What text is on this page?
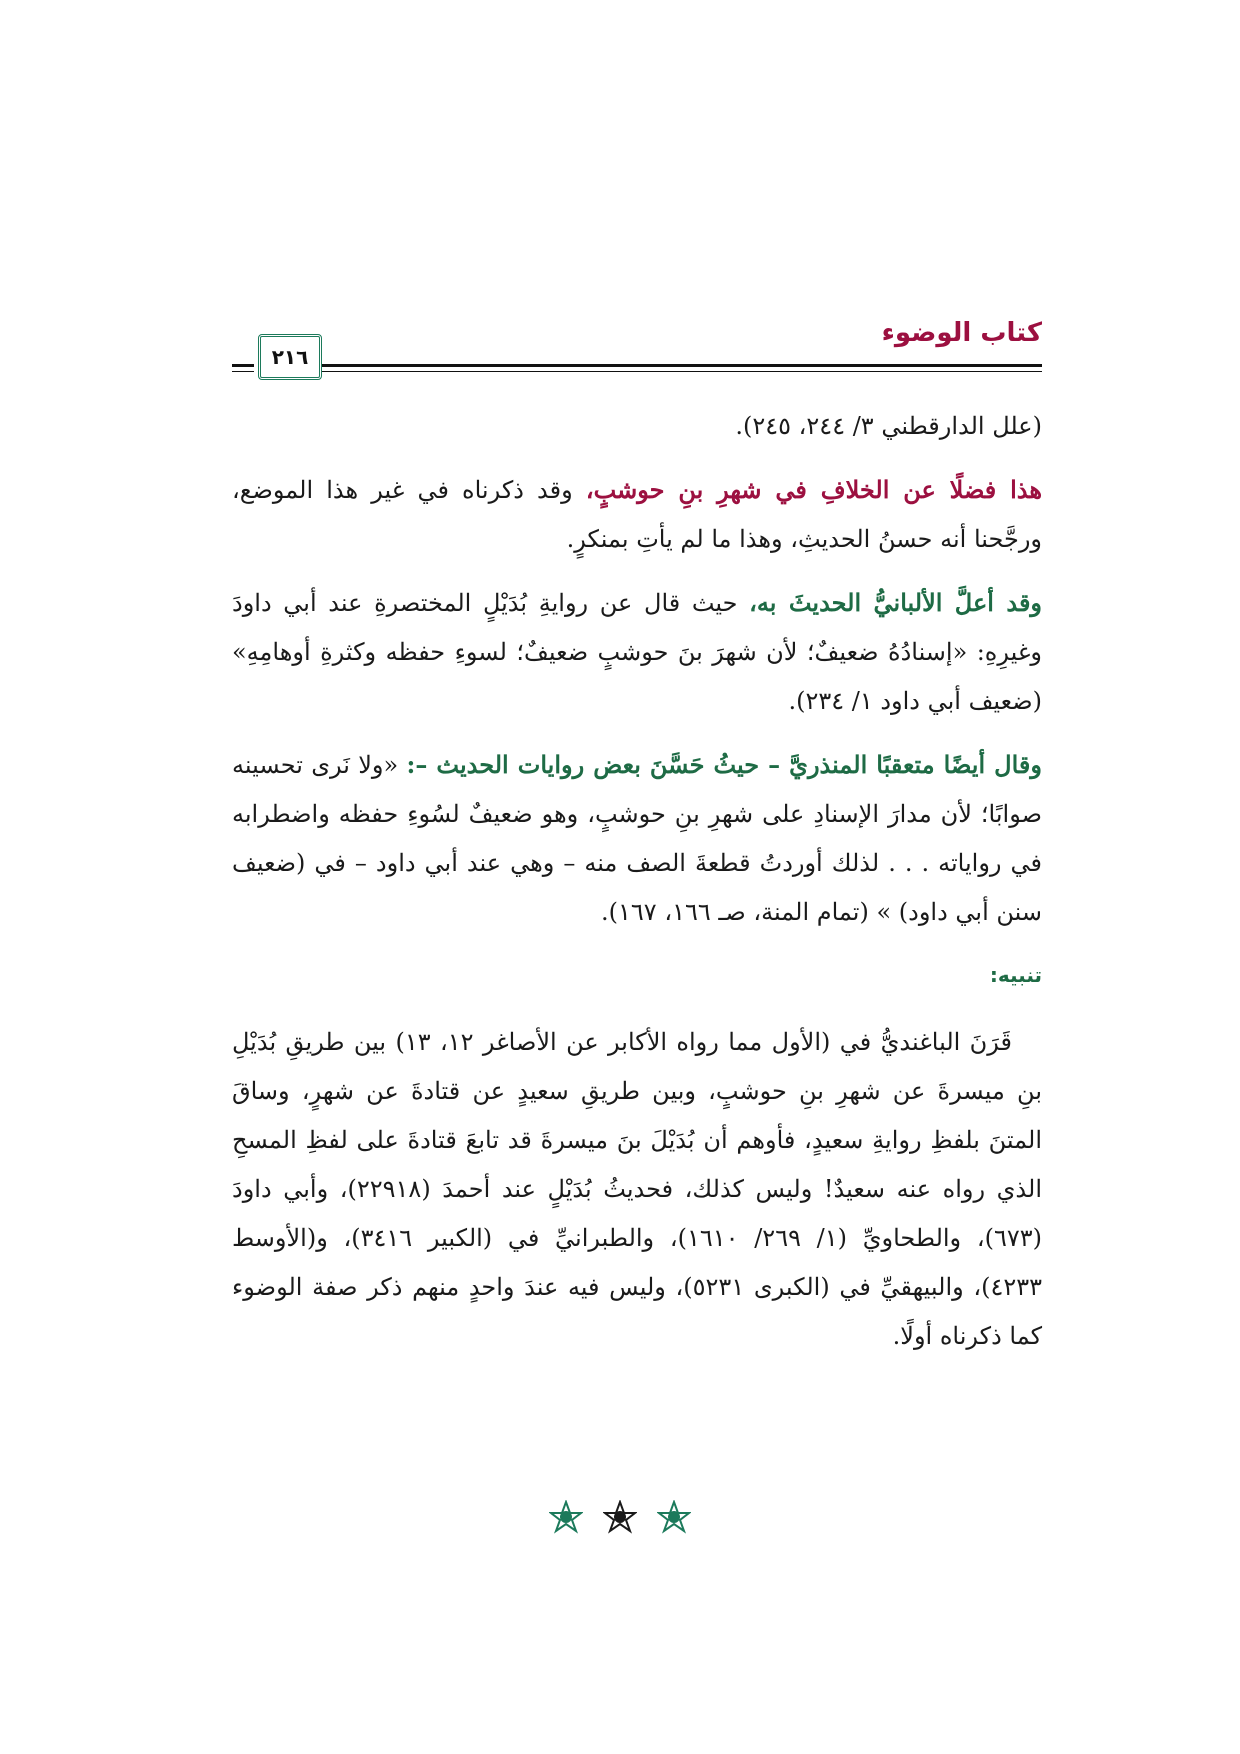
كتاب الوضوء
٢١٦

(علل الدارقطني ٣/ ٢٤٤، ٢٤٥).

هذا فضلًا عن الخلافِ في شهرِ بنِ حوشبٍ، وقد ذكرناه في غير هذا الموضع، ورجَّحنا أنه حسنُ الحديثِ، وهذا ما لم يأتِ بمنكرٍ.

وقد أعلَّ الألبانيُّ الحديثَ به، حيث قال عن روايةِ بُدَيْلٍ المختصرةِ عند أبي داودَ وغيرِهِ: «إسنادُهُ ضعيفٌ؛ لأن شهرَ بنَ حوشبٍ ضعيفٌ؛ لسوءِ حفظه وكثرةِ أوهامِهِ» (ضعيف أبي داود ١/ ٢٣٤).

وقال أيضًا متعقبًا المنذريَّ – حيثُ حَسَّنَ بعض روايات الحديث –: «ولا نَرى تحسينه صوابًا؛ لأن مدارَ الإسنادِ على شهرِ بنِ حوشبٍ، وهو ضعيفٌ لسُوءِ حفظه واضطرابه في رواياته . . . لذلك أوردتُ قطعةَ الصف منه – وهي عند أبي داود – في (ضعيف سنن أبي داود) » (تمام المنة، صـ ١٦٦، ١٦٧).

تنبيه:

قَرَنَ الباغنديُّ في (الأول مما رواه الأكابر عن الأصاغر ١٢، ١٣) بين طريقِ بُدَيْلِ بنِ ميسرةَ عن شهرِ بنِ حوشبٍ، وبين طريقِ سعيدٍ عن قتادةَ عن شهرٍ، وساقَ المتنَ بلفظِ روايةِ سعيدٍ، فأوهم أن بُدَيْلَ بنَ ميسرةَ قد تابعَ قتادةَ على لفظِ المسحِ الذي رواه عنه سعيدٌ! وليس كذلك، فحديثُ بُدَيْلٍ عند أحمدَ (٢٢٩١٨)، وأبي داودَ (٦٧٣)، والطحاويِّ (١/ ٢٦٩/ ١٦١٠)، والطبرانيِّ في (الكبير ٣٤١٦)، و(الأوسط ٤٢٣٣)، والبيهقيِّ في (الكبرى ٥٢٣١)، وليس فيه عندَ واحدٍ منهم ذكر صفة الوضوء كما ذكرناه أولًا.
